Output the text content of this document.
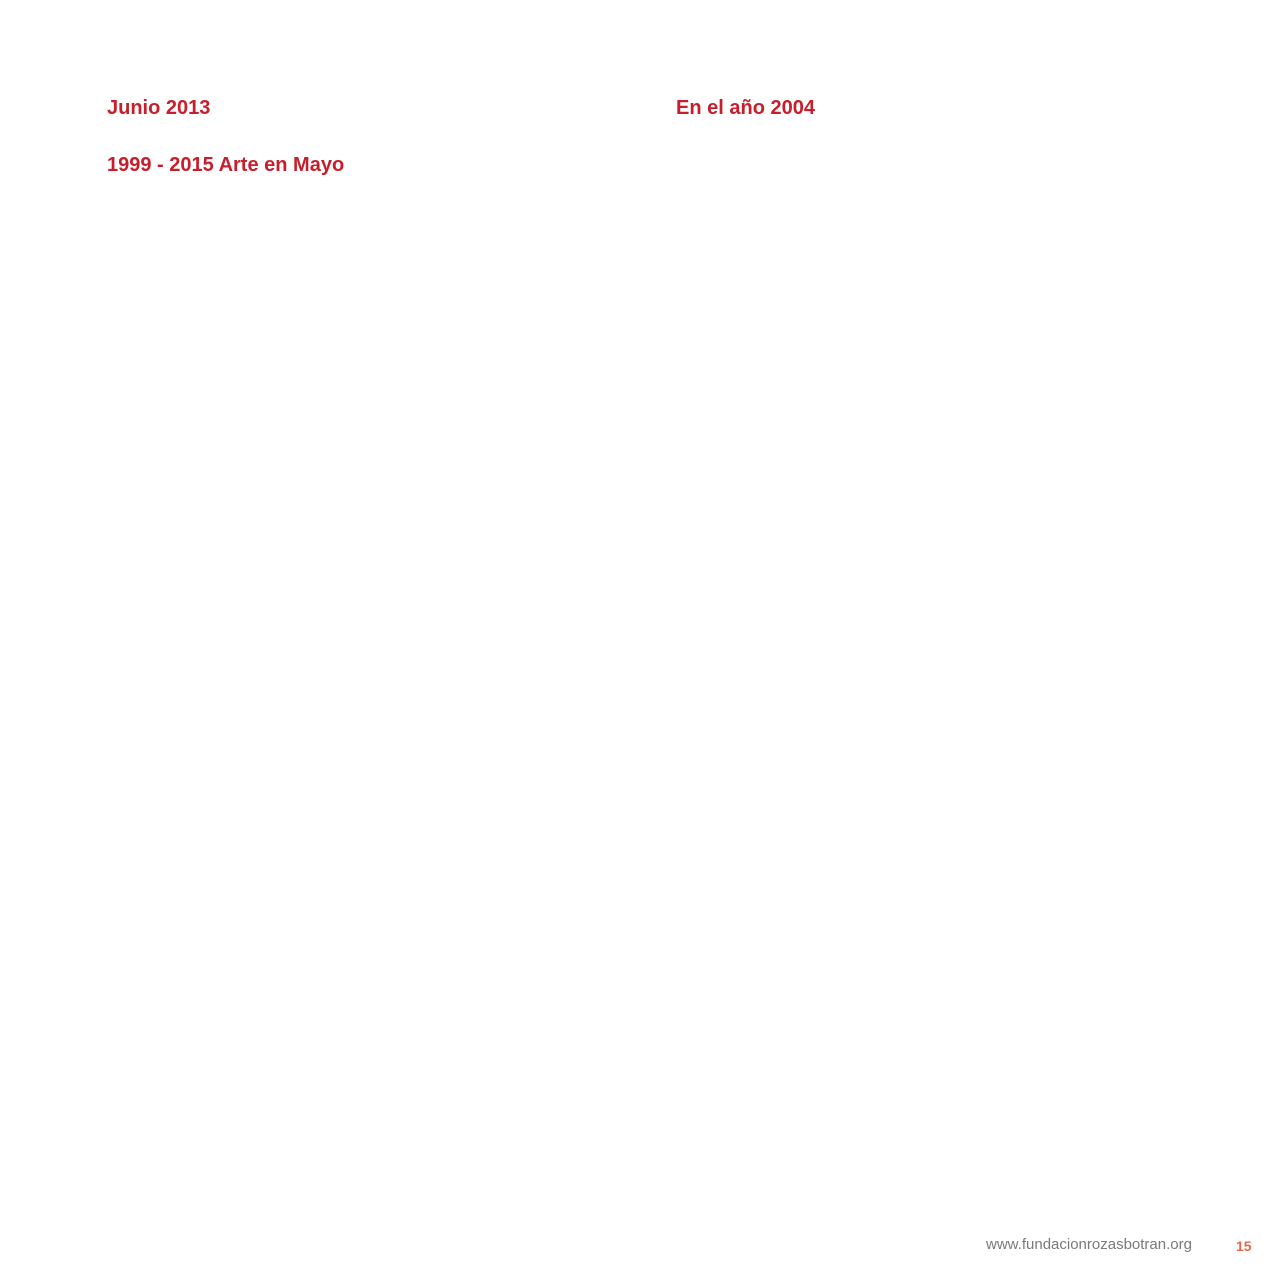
Junio 2013

1999 - 2015 Arte en Mayo

En el año 2004

www.fundacionrozasbotran.org	15
